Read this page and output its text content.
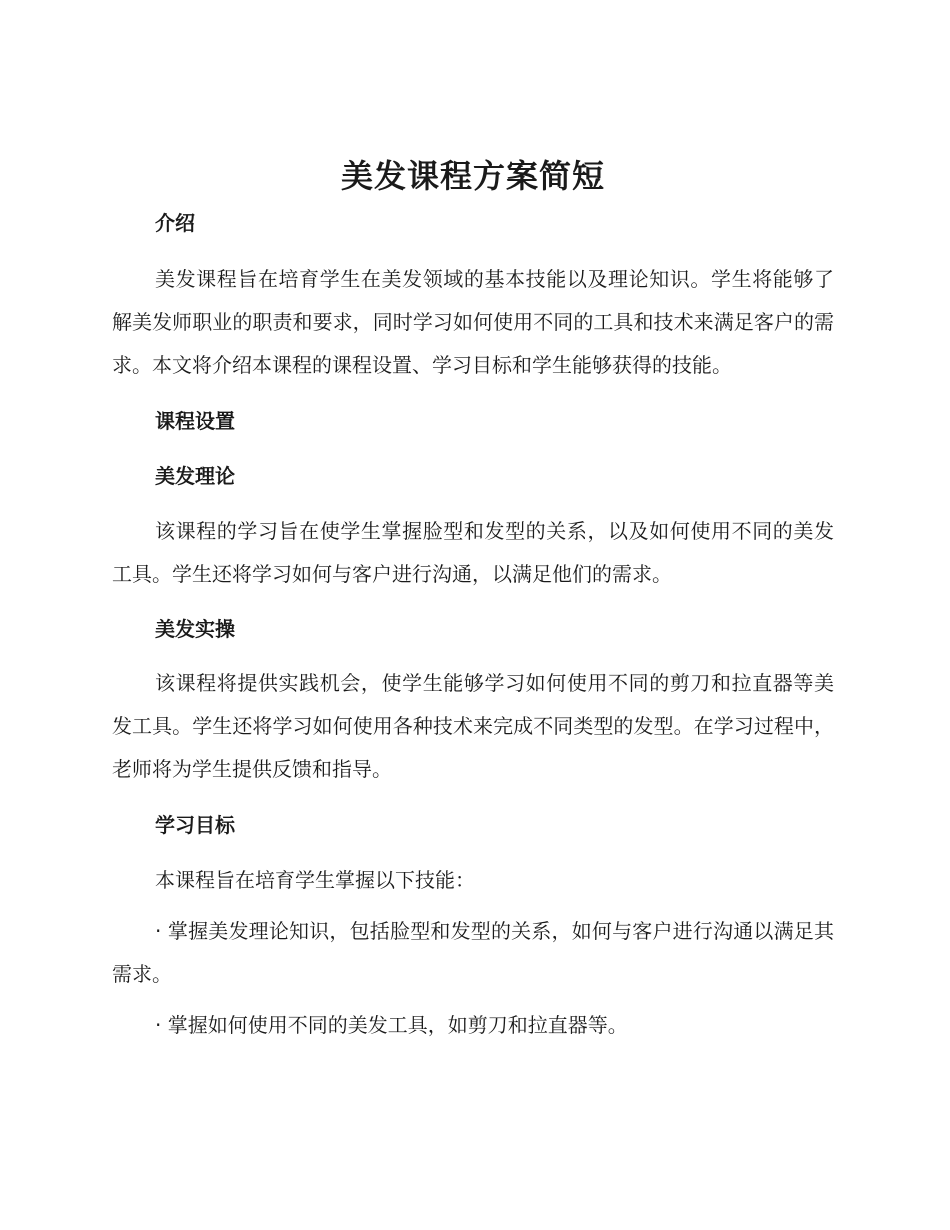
美发课程方案简短
介绍

美发课程旨在培育学生在美发领域的基本技能以及理论知识。学生将能够了解美发师职业的职责和要求，同时学习如何使用不同的工具和技术来满足客户的需求。本文将介绍本课程的课程设置、学习目标和学生能够获得的技能。

课程设置
美发理论

该课程的学习旨在使学生掌握脸型和发型的关系，以及如何使用不同的美发工具。学生还将学习如何与客户进行沟通，以满足他们的需求。

美发实操

该课程将提供实践机会，使学生能够学习如何使用不同的剪刀和拉直器等美发工具。学生还将学习如何使用各种技术来完成不同类型的发型。在学习过程中，老师将为学生提供反馈和指导。

学习目标

本课程旨在培育学生掌握以下技能：

· 掌握美发理论知识，包括脸型和发型的关系，如何与客户进行沟通以满足其需求。

· 掌握如何使用不同的美发工具，如剪刀和拉直器等。
